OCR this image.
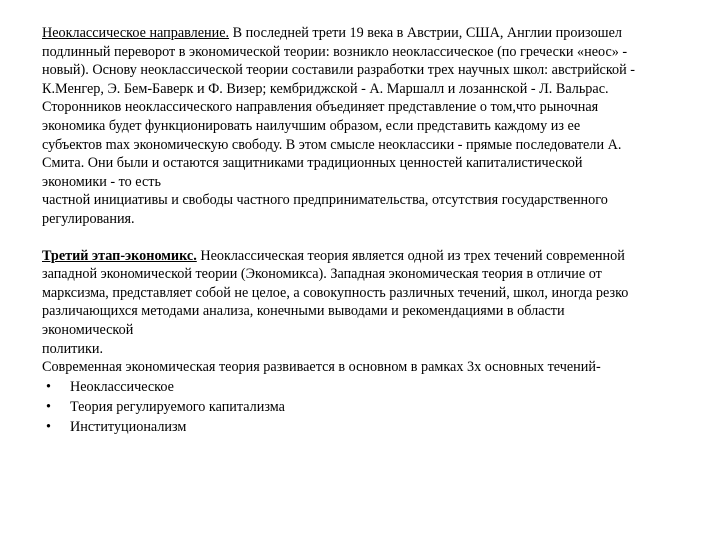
Неоклассическое направление. В последней трети 19 века в Австрии, США, Англии произошел
подлинный переворот в экономической теории: возникло неоклассическое (по гречески «неос» -
новый). Основу неоклассической теории составили разработки трех научных школ: австрийской -
К.Менгер, Э. Бем-Баверк и Ф. Визер; кембриджской - А. Маршалл и лозаннской - Л. Вальрас.
Сторонников неоклассического направления объединяет представление о том,что рыночная
экономика будет функционировать наилучшим образом, если представить каждому из ее
субъектов max экономическую свободу. В этом смысле неоклассики - прямые последователи А.
Смита. Они были и остаются защитниками традиционных ценностей капиталистической
экономики - то есть
частной инициативы и свободы частного предпринимательства, отсутствия государственного
регулирования.
Третий этап-экономикс. Неоклассическая теория является одной из трех течений современной
западной экономической теории (Экономикса). Западная экономическая теория в отличие от
марксизма, представляет собой не целое, а совокупность различных течений, школ, иногда резко
различающихся методами анализа, конечными выводами и рекомендациями в области
экономической
политики.
Современная экономическая теория развивается в основном в рамках 3х основных течений-
• Неоклассическое
• Теория регулируемого капитализма
• Институционализм
